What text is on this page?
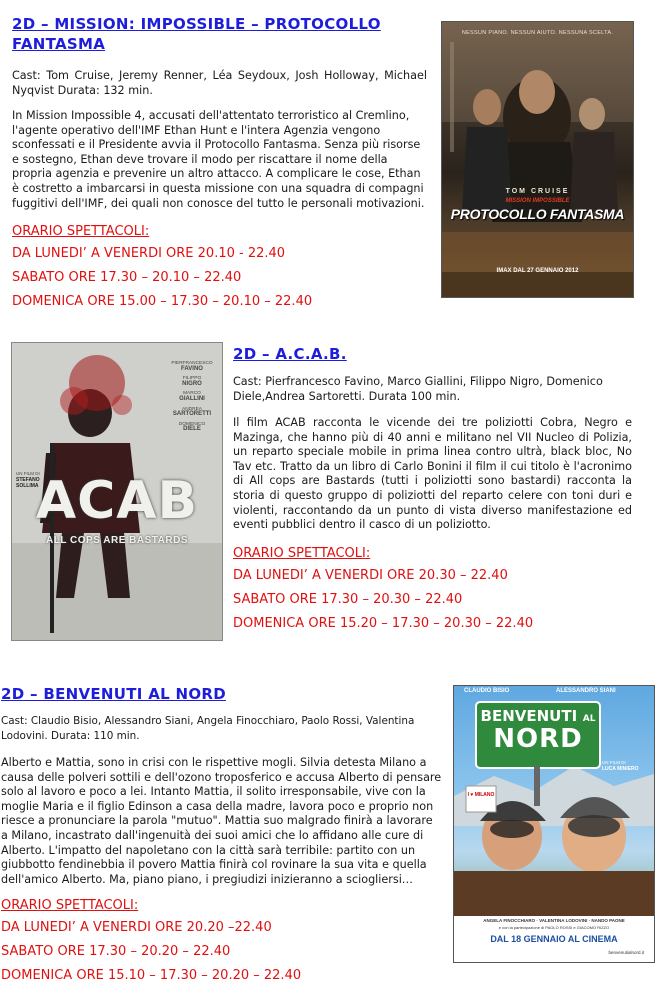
2D – MISSION: IMPOSSIBLE – PROTOCOLLO
FANTASMA

Cast: Tom Cruise, Jeremy Renner, Léa Seydoux, Josh Holloway, Michael Nyqvist Durata: 132 min.

In Mission Impossible 4, accusati dell'attentato terroristico al Cremlino, l'agente operativo dell'IMF Ethan Hunt e l'intera Agenzia vengono sconfessati e il Presidente avvia il Protocollo Fantasma. Senza più risorse e sostegno, Ethan deve trovare il modo per riscattare il nome della propria agenzia e prevenire un altro attacco. A complicare le cose, Ethan è costretto a imbarcarsi in questa missione con una squadra di compagni fuggitivi dell'IMF, dei quali non conosce del tutto le personali motivazioni.

ORARIO SPETTACOLI:

DA LUNEDI’ A VENERDI ORE 20.10 - 22.40

SABATO ORE 17.30 – 20.10 – 22.40

DOMENICA ORE 15.00 – 17.30 – 20.10 – 22.40

NESSUN PIANO. NESSUN AIUTO. NESSUNA SCELTA.
TOM CRUISE
MISSION IMPOSSIBLE
PROTOCOLLO FANTASMA
IMAX DAL 27 GENNAIO 2012
PIERFRANCESCO
FAVINO
FILIPPO
NIGRO
MARCO
GIALLINI
ANDREA
SARTORETTI
DOMENICO
DIELE
UN FILM DI
STEFANO SOLLIMA
ACAB
ALL COPS ARE BASTARDS
2D – A.C.A.B.

Cast: Pierfrancesco Favino, Marco Giallini, Filippo Nigro, Domenico Diele,Andrea Sartoretti. Durata 100 min.

Il film ACAB racconta le vicende dei tre poliziotti Cobra, Negro e Mazinga, che hanno più di 40 anni e militano nel VII Nucleo di Polizia, un reparto speciale mobile in prima linea contro ultrà, black bloc, No Tav etc. Tratto da un libro di Carlo Bonini il film il cui titolo è l'acronimo di All cops are Bastards (tutti i poliziotti sono bastardi) racconta la storia di questo gruppo di poliziotti del reparto celere con toni duri e violenti, raccontando da un punto di vista diverso manifestazione ed eventi pubblici dentro il casco di un poliziotto.

ORARIO SPETTACOLI:

DA LUNEDI’ A VENERDI ORE 20.30 – 22.40

SABATO ORE 17.30 – 20.30 – 22.40

DOMENICA ORE 15.20 – 17.30 – 20.30 – 22.40

2D – BENVENUTI AL NORD

Cast: Claudio Bisio, Alessandro Siani, Angela Finocchiaro, Paolo Rossi, Valentina Lodovini. Durata: 110 min.

Alberto e Mattia, sono in crisi con le rispettive mogli. Silvia detesta Milano a causa delle polveri sottili e dell'ozono troposferico e accusa Alberto di pensare solo al lavoro e poco a lei. Intanto Mattia, il solito irresponsabile, vive con la moglie Maria e il figlio Edinson a casa della madre, lavora poco e proprio non riesce a pronunciare la parola "mutuo". Mattia suo malgrado finirà a lavorare a Milano, incastrato dall'ingenuità dei suoi amici che lo affidano alle cure di Alberto. L'impatto del napoletano con la città sarà terribile: partito con un giubbotto fendinebbia il povero Mattia finirà col rovinare la sua vita e quella dell'amico Alberto. Ma, piano piano, i pregiudizi inizieranno a sciogliersi…

ORARIO SPETTACOLI:

DA LUNEDI’ A VENERDI ORE 20.20 –22.40

SABATO ORE 17.30 – 20.20 – 22.40

DOMENICA ORE 15.10 – 17.30 – 20.20 – 22.40

CLAUDIO BISIO	ALESSANDRO SIANI
BENVENUTI AL
NORD
UN FILM DI
LUCA MINIERO
I ♥ MILANO
ANGELA FINOCCHIARO · VALENTINA LODOVINI · NANDO PAONE
e con la partecipazione di PAOLO ROSSI e GIACOMO RIZZO
DAL 18 GENNAIO AL CINEMA
benvenutialnord.it
